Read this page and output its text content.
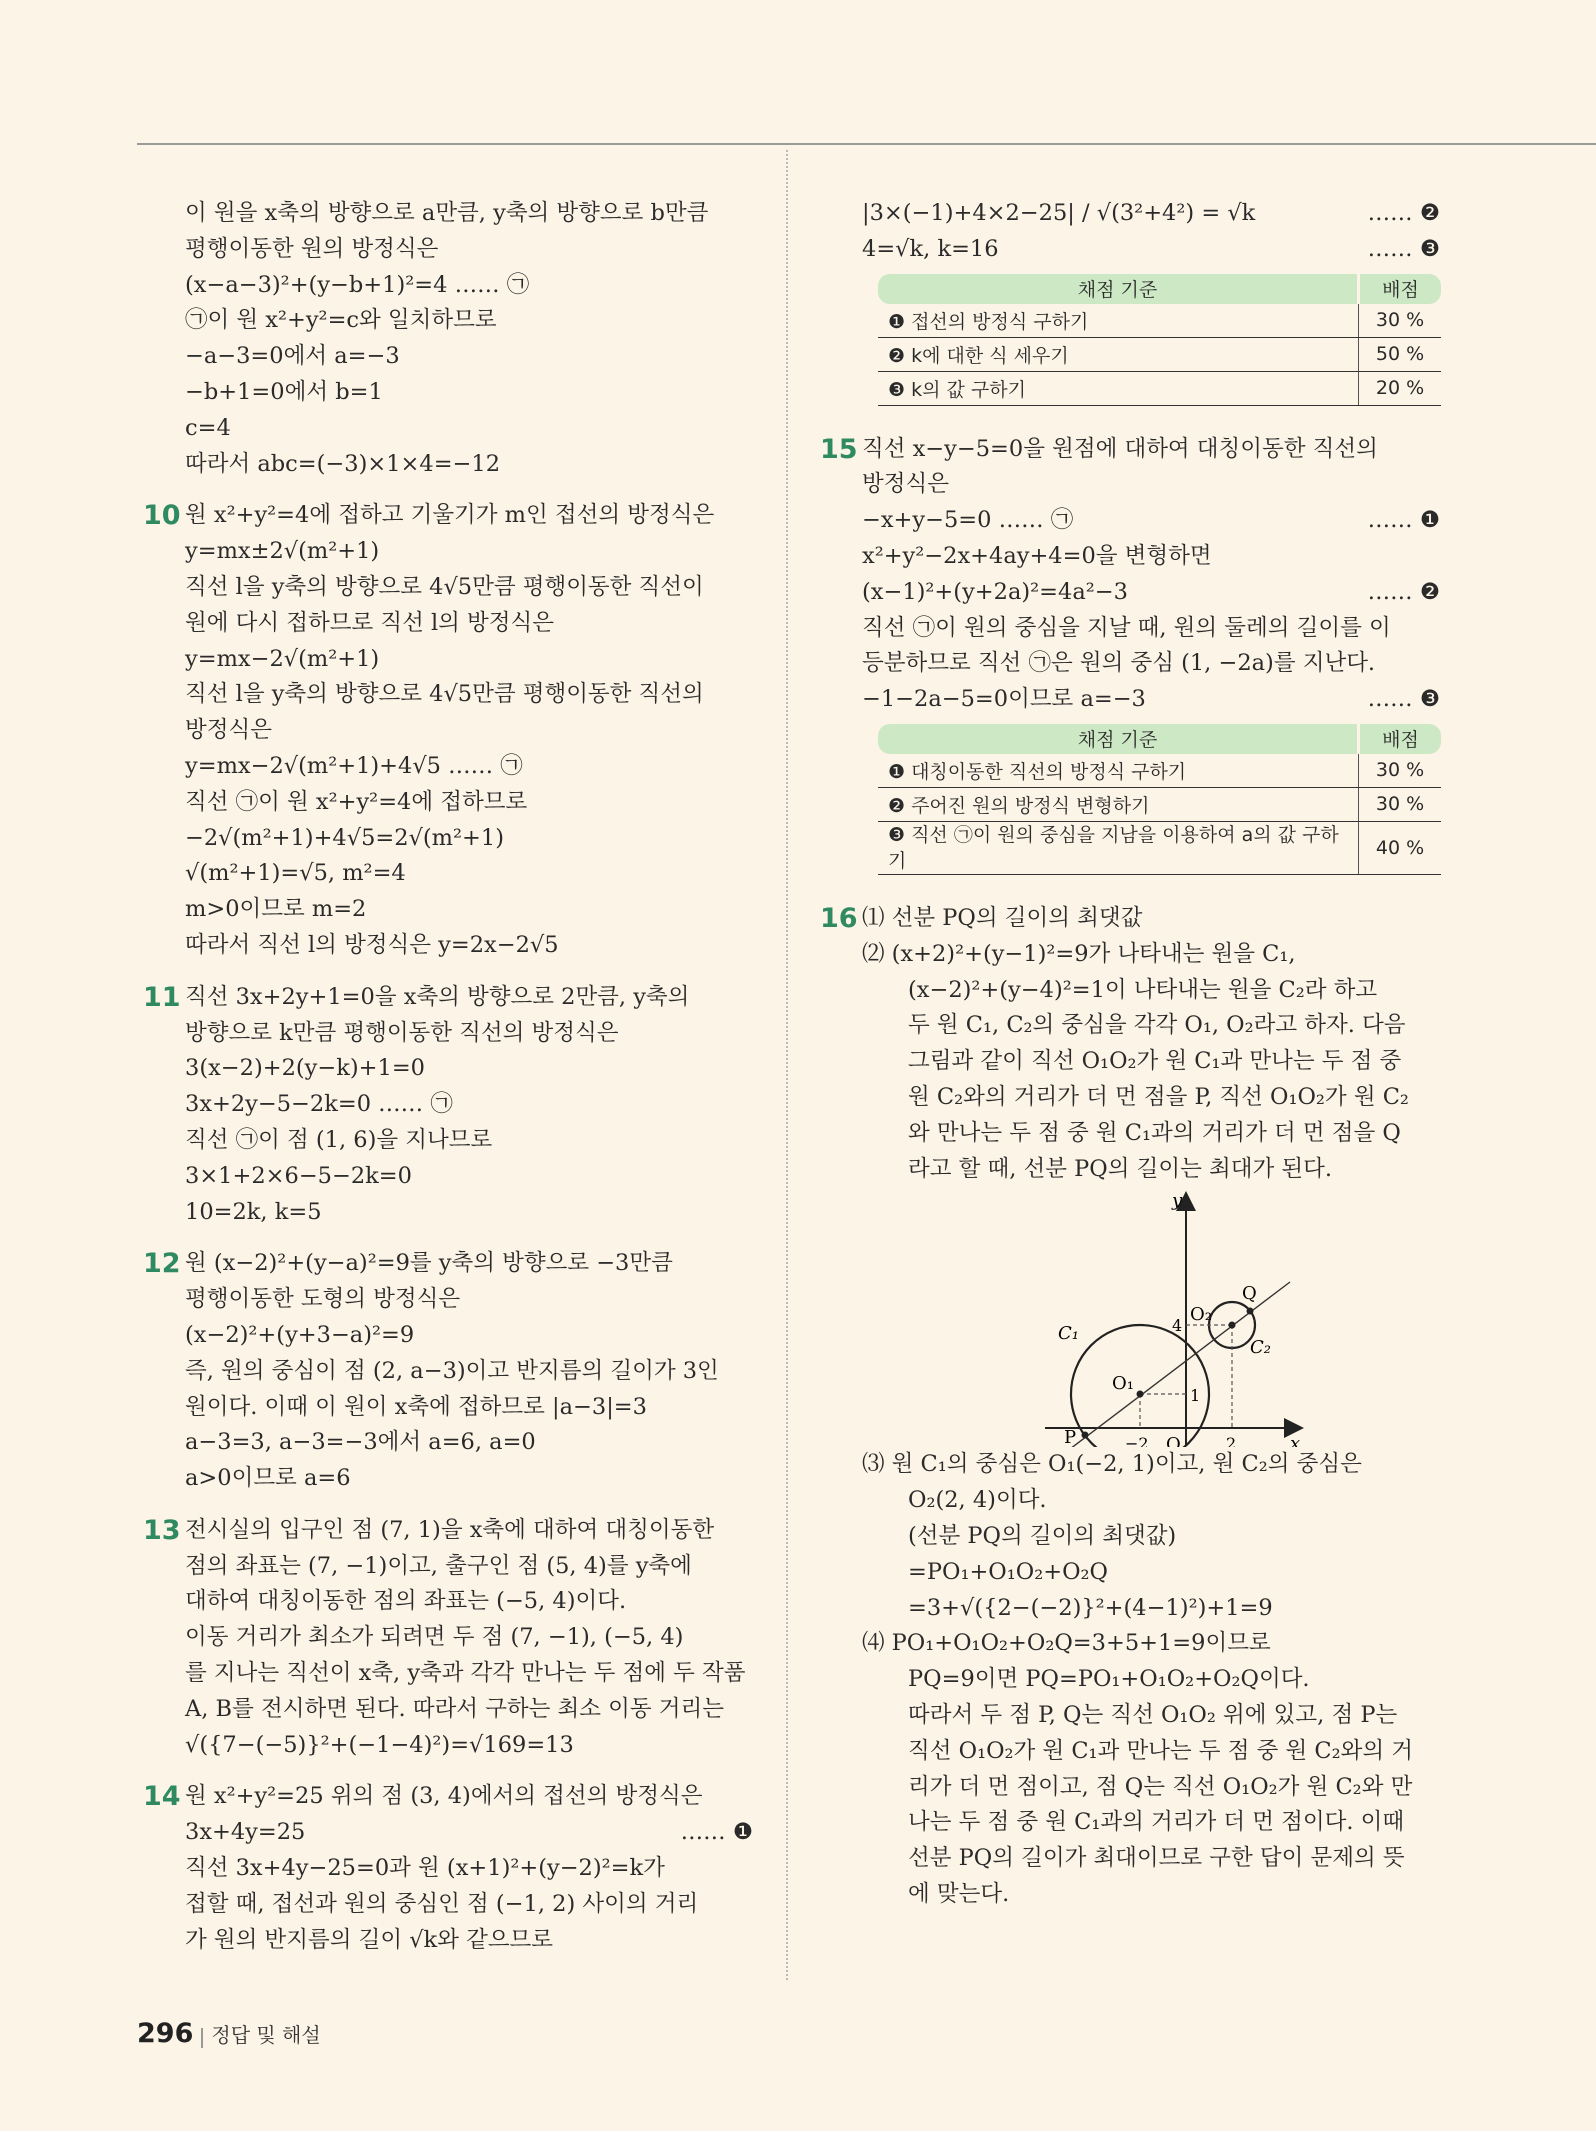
이 원을 x축의 방향으로 a만큼, y축의 방향으로 b만큼
평행이동한 원의 방정식은
(x−a−3)²+(y−b+1)²=4 …… ㉠
㉠이 원 x²+y²=c와 일치하므로
−a−3=0에서 a=−3
−b+1=0에서 b=1
c=4
따라서 abc=(−3)×1×4=−12
10 원 x²+y²=4에 접하고 기울기가 m인 접선의 방정식은
y=mx±2√(m²+1)
직선 l을 y축의 방향으로 4√5만큼 평행이동한 직선이
원에 다시 접하므로 직선 l의 방정식은
y=mx−2√(m²+1)
직선 l을 y축의 방향으로 4√5만큼 평행이동한 직선의
방정식은
y=mx−2√(m²+1)+4√5 …… ㉠
직선 ㉠이 원 x²+y²=4에 접하므로
−2√(m²+1)+4√5=2√(m²+1)
√(m²+1)=√5, m²=4
m>0이므로 m=2
따라서 직선 l의 방정식은 y=2x−2√5
11 직선 3x+2y+1=0을 x축의 방향으로 2만큼, y축의
방향으로 k만큼 평행이동한 직선의 방정식은
3(x−2)+2(y−k)+1=0
3x+2y−5−2k=0 …… ㉠
직선 ㉠이 점 (1, 6)을 지나므로
3×1+2×6−5−2k=0
10=2k, k=5
12 원 (x−2)²+(y−a)²=9를 y축의 방향으로 −3만큼
평행이동한 도형의 방정식은
(x−2)²+(y+3−a)²=9
즉, 원의 중심이 점 (2, a−3)이고 반지름의 길이가 3인
원이다. 이때 이 원이 x축에 접하므로 |a−3|=3
a−3=3, a−3=−3에서 a=6, a=0
a>0이므로 a=6
13 전시실의 입구인 점 (7, 1)을 x축에 대하여 대칭이동한
점의 좌표는 (7, −1)이고, 출구인 점 (5, 4)를 y축에
대하여 대칭이동한 점의 좌표는 (−5, 4)이다.
이동 거리가 최소가 되려면 두 점 (7, −1), (−5, 4)
를 지나는 직선이 x축, y축과 각각 만나는 두 점에 두 작품
A, B를 전시하면 된다. 따라서 구하는 최소 이동 거리는
√({7−(−5)}²+(−1−4)²)=√169=13
14 원 x²+y²=25 위의 점 (3, 4)에서의 접선의 방정식은
3x+4y=25	…… ❶
직선 3x+4y−25=0과 원 (x+1)²+(y−2)²=k가
접할 때, 접선과 원의 중심인 점 (−1, 2) 사이의 거리
가 원의 반지름의 길이 √k와 같으므로
|3×(−1)+4×2−25| / √(3²+4²) = √k	…… ❷
4=√k, k=16	…… ❸
채점 기준	배점
❶ 접선의 방정식 구하기	30 %
❷ k에 대한 식 세우기	50 %
❸ k의 값 구하기	20 %
15 직선 x−y−5=0을 원점에 대하여 대칭이동한 직선의
방정식은
−x+y−5=0 …… ㉠	…… ❶
x²+y²−2x+4ay+4=0을 변형하면
(x−1)²+(y+2a)²=4a²−3	…… ❷
직선 ㉠이 원의 중심을 지날 때, 원의 둘레의 길이를 이
등분하므로 직선 ㉠은 원의 중심 (1, −2a)를 지난다.
−1−2a−5=0이므로 a=−3	…… ❸
채점 기준	배점
❶ 대칭이동한 직선의 방정식 구하기	30 %
❷ 주어진 원의 방정식 변형하기	30 %
❸ 직선 ㉠이 원의 중심을 지남을 이용하여 a의 값 구하기	40 %
16 ⑴ 선분 PQ의 길이의 최댓값
⑵ (x+2)²+(y−1)²=9가 나타내는 원을 C₁,
(x−2)²+(y−4)²=1이 나타내는 원을 C₂라 하고
두 원 C₁, C₂의 중심을 각각 O₁, O₂라고 하자. 다음
그림과 같이 직선 O₁O₂가 원 C₁과 만나는 두 점 중
원 C₂와의 거리가 더 먼 점을 P, 직선 O₁O₂가 원 C₂
와 만나는 두 점 중 원 C₁과의 거리가 더 먼 점을 Q
라고 할 때, 선분 PQ의 길이는 최대가 된다.
y
x
O
O₁
O₂
P
Q
C₁
C₂
4
1
−2	2
⑶ 원 C₁의 중심은 O₁(−2, 1)이고, 원 C₂의 중심은
O₂(2, 4)이다.
(선분 PQ의 길이의 최댓값)
=PO₁+O₁O₂+O₂Q
=3+√({2−(−2)}²+(4−1)²)+1=9
⑷ PO₁+O₁O₂+O₂Q=3+5+1=9이므로
PQ=9이면 PQ=PO₁+O₁O₂+O₂Q이다.
따라서 두 점 P, Q는 직선 O₁O₂ 위에 있고, 점 P는
직선 O₁O₂가 원 C₁과 만나는 두 점 중 원 C₂와의 거
리가 더 먼 점이고, 점 Q는 직선 O₁O₂가 원 C₂와 만
나는 두 점 중 원 C₁과의 거리가 더 먼 점이다. 이때
선분 PQ의 길이가 최대이므로 구한 답이 문제의 뜻
에 맞는다.
296 정답 및 해설
